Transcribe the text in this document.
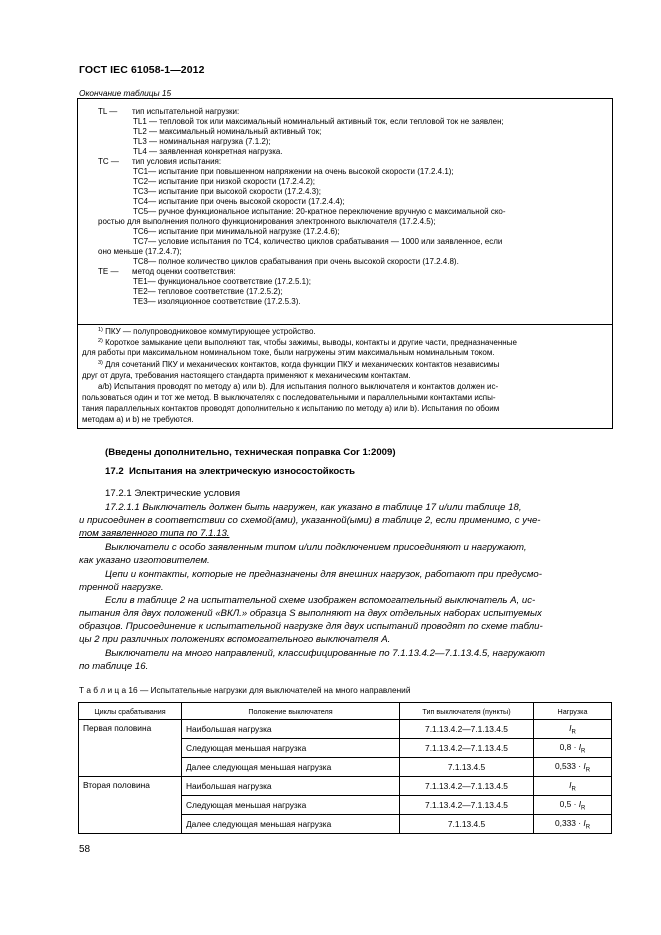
ГОСТ IEC 61058-1—2012
Окончание таблицы 15
TL — тип испытательной нагрузки:
TL1 — тепловой ток или максимальный номинальный активный ток, если тепловой ток не заявлен;
TL2 — максимальный номинальный активный ток;
TL3 — номинальная нагрузка (7.1.2);
TL4 — заявленная конкретная нагрузка.
TC — тип условия испытания:
TC1— испытание при повышенном напряжении на очень высокой скорости (17.2.4.1);
TC2— испытание при низкой скорости (17.2.4.2);
TC3— испытание при высокой скорости (17.2.4.3);
TC4— испытание при очень высокой скорости (17.2.4.4);
TC5— ручное функциональное испытание: 20-кратное переключение вручную с максимальной ско-
ростью для выполнения полного функционирования электронного выключателя (17.2.4.5);
TC6— испытание при минимальной нагрузке (17.2.4.6);
TC7— условие испытания по TC4, количество циклов срабатывания — 1000 или заявленное, если
оно меньше (17.2.4.7);
TC8— полное количество циклов срабатывания при очень высокой скорости (17.2.4.8).
TE — метод оценки соответствия:
TE1— функциональное соответствие (17.2.5.1);
TE2— тепловое соответствие (17.2.5.2);
TE3— изоляционное соответствие (17.2.5.3).
$^{1)}$ ПКУ — полупроводниковое коммутирующее устройство.
$^{2)}$ Короткое замыкание цепи выполняют так, чтобы зажимы, выводы, контакты и другие части, предназначенные
для работы при максимальном номинальном токе, были нагружены этим максимальным номинальным током.
$^{3)}$ Для сочетаний ПКУ и механических контактов, когда функции ПКУ и механических контактов независимы
друг от друга, требования настоящего стандарта применяют к механическим контактам.
a/b) Испытания проводят по методу а) или b). Для испытания полного выключателя и контактов должен ис-
пользоваться один и тот же метод. В выключателях с последовательными и параллельными контактами испы-
тания параллельных контактов проводят дополнительно к испытанию по методу а) или b). Испытания по обоим
методам а) и b) не требуются.
(Введены дополнительно, техническая поправка Cor 1:2009)
17.2 Испытания на электрическую износостойкость
17.2.1 Электрические условия
17.2.1.1 Выключатель должен быть нагружен, как указано в таблице 17 и/или таблице 18,
и присоединен в соответствии со схемой(ами), указанной(ыми) в таблице 2, если применимо, с уче-
том заявленного типа по 7.1.13.
Выключатели с особо заявленным типом и/или подключением присоединяют и нагружают,
как указано изготовителем.
Цепи и контакты, которые не предназначены для внешних нагрузок, работают при предусмо-
тренной нагрузке.
Если в таблице 2 на испытательной схеме изображен вспомогательный выключатель А, ис-
пытания для двух положений «ВКЛ.» образца S выполняют на двух отдельных наборах испытуемых
образцов. Присоединение к испытательной нагрузке для двух испытаний проводят по схеме табли-
цы 2 при различных положениях вспомогательного выключателя А.
Выключатели на много направлений, классифицированные по 7.1.13.4.2—7.1.13.4.5, нагружают
по таблице 16.
Т а б л и ц а 16 — Испытательные нагрузки для выключателей на много направлений
Циклы срабатывания	Положение выключателя	Тип выключателя (пункты)	Нагрузка
Первая половина	Наибольшая нагрузка	7.1.13.4.2—7.1.13.4.5	$I_R$
	Следующая меньшая нагрузка	7.1.13.4.2—7.1.13.4.5	$0,8 \cdot I_R$
	Далее следующая меньшая нагрузка	7.1.13.4.5	$0,533 \cdot I_R$
Вторая половина	Наибольшая нагрузка	7.1.13.4.2—7.1.13.4.5	$I_R$
	Следующая меньшая нагрузка	7.1.13.4.2—7.1.13.4.5	$0,5 \cdot I_R$
	Далее следующая меньшая нагрузка	7.1.13.4.5	$0,333 \cdot I_R$
58
